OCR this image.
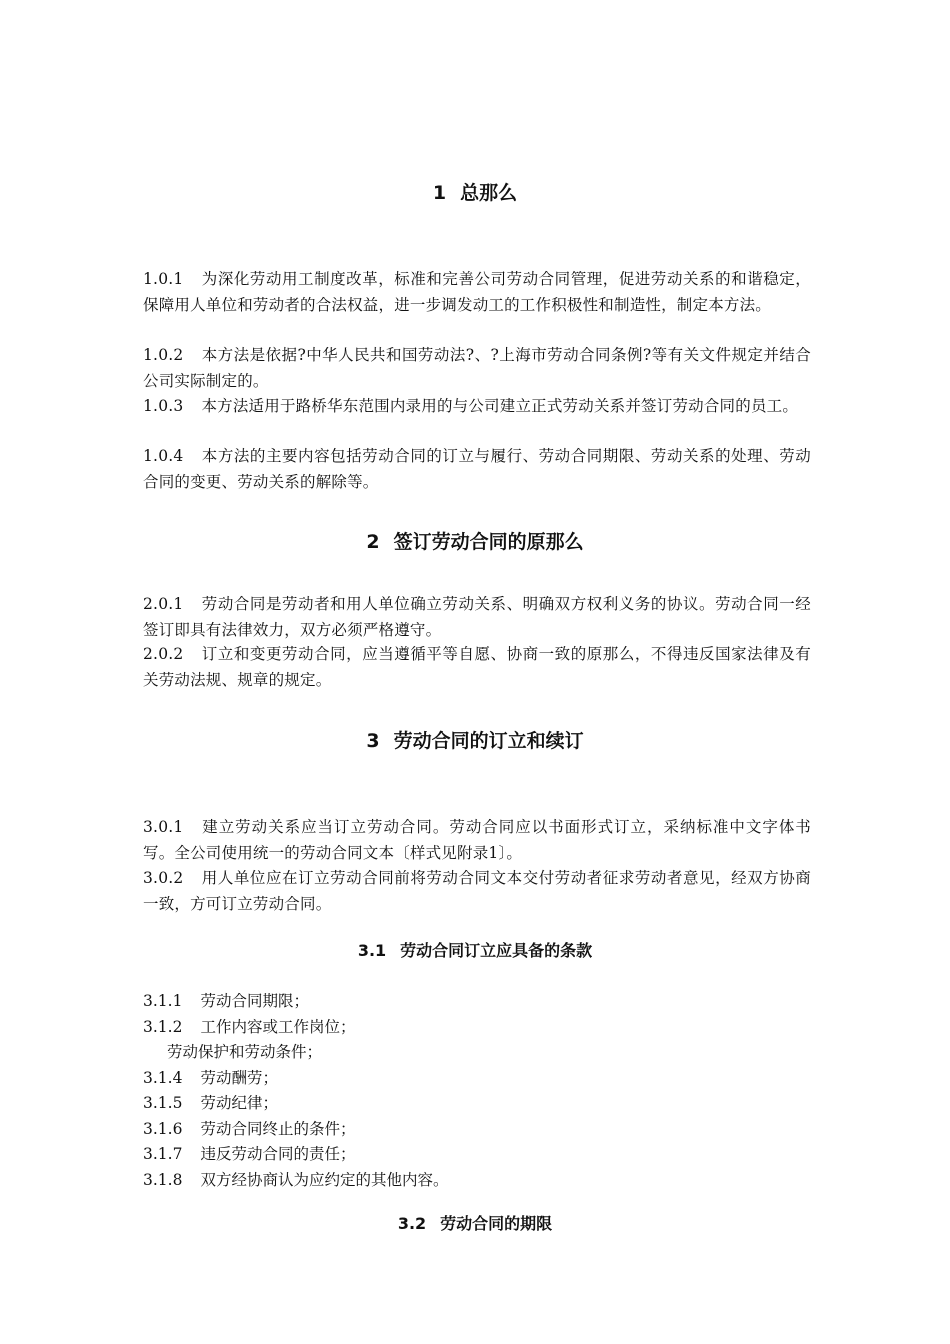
1 总那么
1.0.1 为深化劳动用工制度改革，标准和完善公司劳动合同管理，促进劳动关系的和谐稳定，保障用人单位和劳动者的合法权益，进一步调发动工的工作积极性和制造性，制定本方法。
1.0.2 本方法是依据?中华人民共和国劳动法?、?上海市劳动合同条例?等有关文件规定并结合公司实际制定的。
1.0.3 本方法适用于路桥华东范围内录用的与公司建立正式劳动关系并签订劳动合同的员工。
1.0.4 本方法的主要内容包括劳动合同的订立与履行、劳动合同期限、劳动关系的处理、劳动合同的变更、劳动关系的解除等。
2 签订劳动合同的原那么
2.0.1 劳动合同是劳动者和用人单位确立劳动关系、明确双方权利义务的协议。劳动合同一经签订即具有法律效力，双方必须严格遵守。
2.0.2 订立和变更劳动合同，应当遵循平等自愿、协商一致的原那么，不得违反国家法律及有关劳动法规、规章的规定。
3 劳动合同的订立和续订
3.0.1 建立劳动关系应当订立劳动合同。劳动合同应以书面形式订立，采纳标准中文字体书写。全公司使用统一的劳动合同文本〔样式见附录1〕。
3.0.2 用人单位应在订立劳动合同前将劳动合同文本交付劳动者征求劳动者意见，经双方协商一致，方可订立劳动合同。
3.1 劳动合同订立应具备的条款
3.1.1 劳动合同期限；
3.1.2 工作内容或工作岗位；
劳动保护和劳动条件；
3.1.4 劳动酬劳；
3.1.5 劳动纪律；
3.1.6 劳动合同终止的条件；
3.1.7 违反劳动合同的责任；
3.1.8 双方经协商认为应约定的其他内容。
3.2 劳动合同的期限
